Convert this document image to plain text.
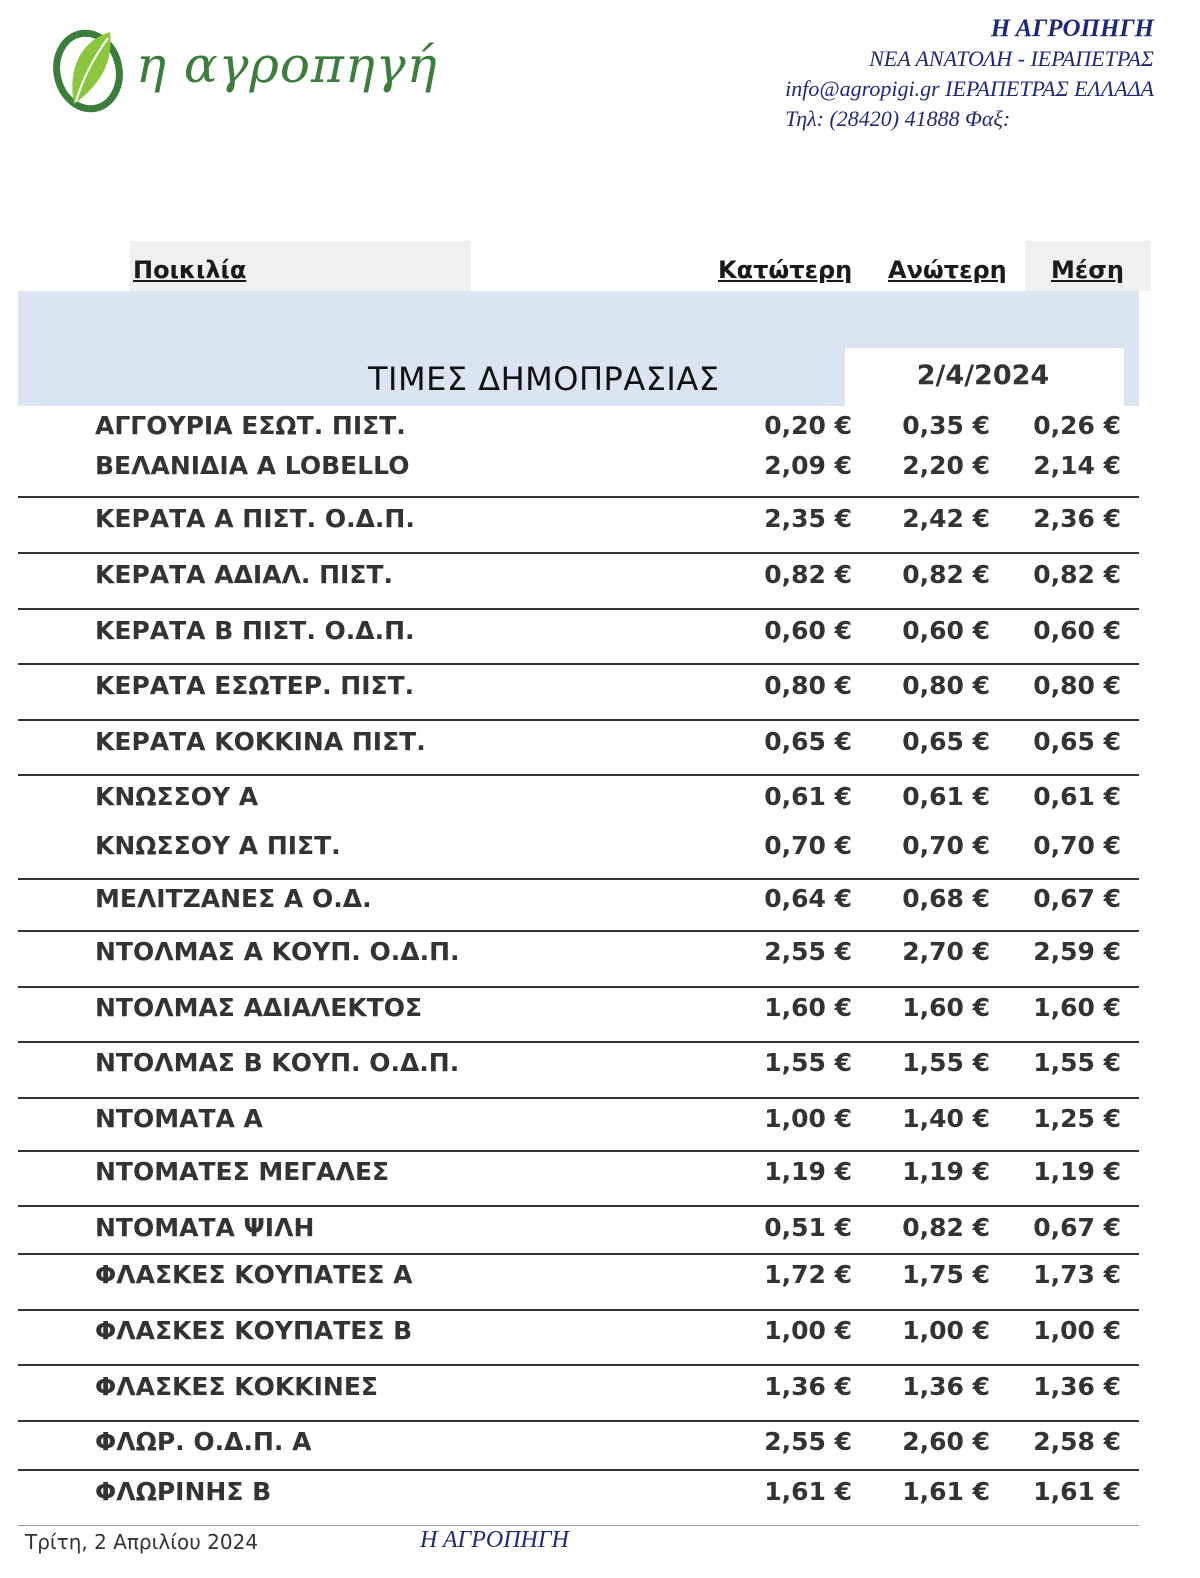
η αγροπηγή
Η ΑΓΡΟΠΗΓΗ
ΝΕΑ ΑΝΑΤΟΛΗ - ΙΕΡΑΠΕΤΡΑΣ
info@agropigi.gr ΙΕΡΑΠΕΤΡΑΣ ΕΛΛΑΔΑ
Τηλ: (28420) 41888 Φαξ:
Ποικιλία	Κατώτερη Ανώτερη Μέση
ΤΙΜΕΣ ΔΗΜΟΠΡΑΣΙΑΣ	2/4/2024
ΑΓΓΟΥΡΙΑ ΕΣΩΤ. ΠΙΣΤ.	0,20 €	0,35 €	0,26 €
ΒΕΛΑΝΙΔΙΑ Α LOBELLO	2,09 €	2,20 €	2,14 €
ΚΕΡΑΤΑ Α ΠΙΣΤ. Ο.Δ.Π.	2,35 €	2,42 €	2,36 €
ΚΕΡΑΤΑ ΑΔΙΑΛ. ΠΙΣΤ.	0,82 €	0,82 €	0,82 €
ΚΕΡΑΤΑ Β ΠΙΣΤ. Ο.Δ.Π.	0,60 €	0,60 €	0,60 €
ΚΕΡΑΤΑ ΕΣΩΤΕΡ. ΠΙΣΤ.	0,80 €	0,80 €	0,80 €
ΚΕΡΑΤΑ ΚΟΚΚΙΝΑ ΠΙΣΤ.	0,65 €	0,65 €	0,65 €
ΚΝΩΣΣΟΥ Α	0,61 €	0,61 €	0,61 €
ΚΝΩΣΣΟΥ Α ΠΙΣΤ.	0,70 €	0,70 €	0,70 €
ΜΕΛΙΤΖΑΝΕΣ Α Ο.Δ.	0,64 €	0,68 €	0,67 €
ΝΤΟΛΜΑΣ Α ΚΟΥΠ. Ο.Δ.Π.	2,55 €	2,70 €	2,59 €
ΝΤΟΛΜΑΣ ΑΔΙΑΛΕΚΤΟΣ	1,60 €	1,60 €	1,60 €
ΝΤΟΛΜΑΣ Β ΚΟΥΠ. Ο.Δ.Π.	1,55 €	1,55 €	1,55 €
ΝΤΟΜΑΤΑ Α	1,00 €	1,40 €	1,25 €
ΝΤΟΜΑΤΕΣ ΜΕΓΑΛΕΣ	1,19 €	1,19 €	1,19 €
ΝΤΟΜΑΤΑ ΨΙΛΗ	0,51 €	0,82 €	0,67 €
ΦΛΑΣΚΕΣ ΚΟΥΠΑΤΕΣ Α	1,72 €	1,75 €	1,73 €
ΦΛΑΣΚΕΣ ΚΟΥΠΑΤΕΣ Β	1,00 €	1,00 €	1,00 €
ΦΛΑΣΚΕΣ ΚΟΚΚΙΝΕΣ	1,36 €	1,36 €	1,36 €
ΦΛΩΡ. Ο.Δ.Π. Α	2,55 €	2,60 €	2,58 €
ΦΛΩΡΙΝΗΣ Β	1,61 €	1,61 €	1,61 €
Τρίτη, 2 Απριλίου 2024	Η ΑΓΡΟΠΗΓΗ
